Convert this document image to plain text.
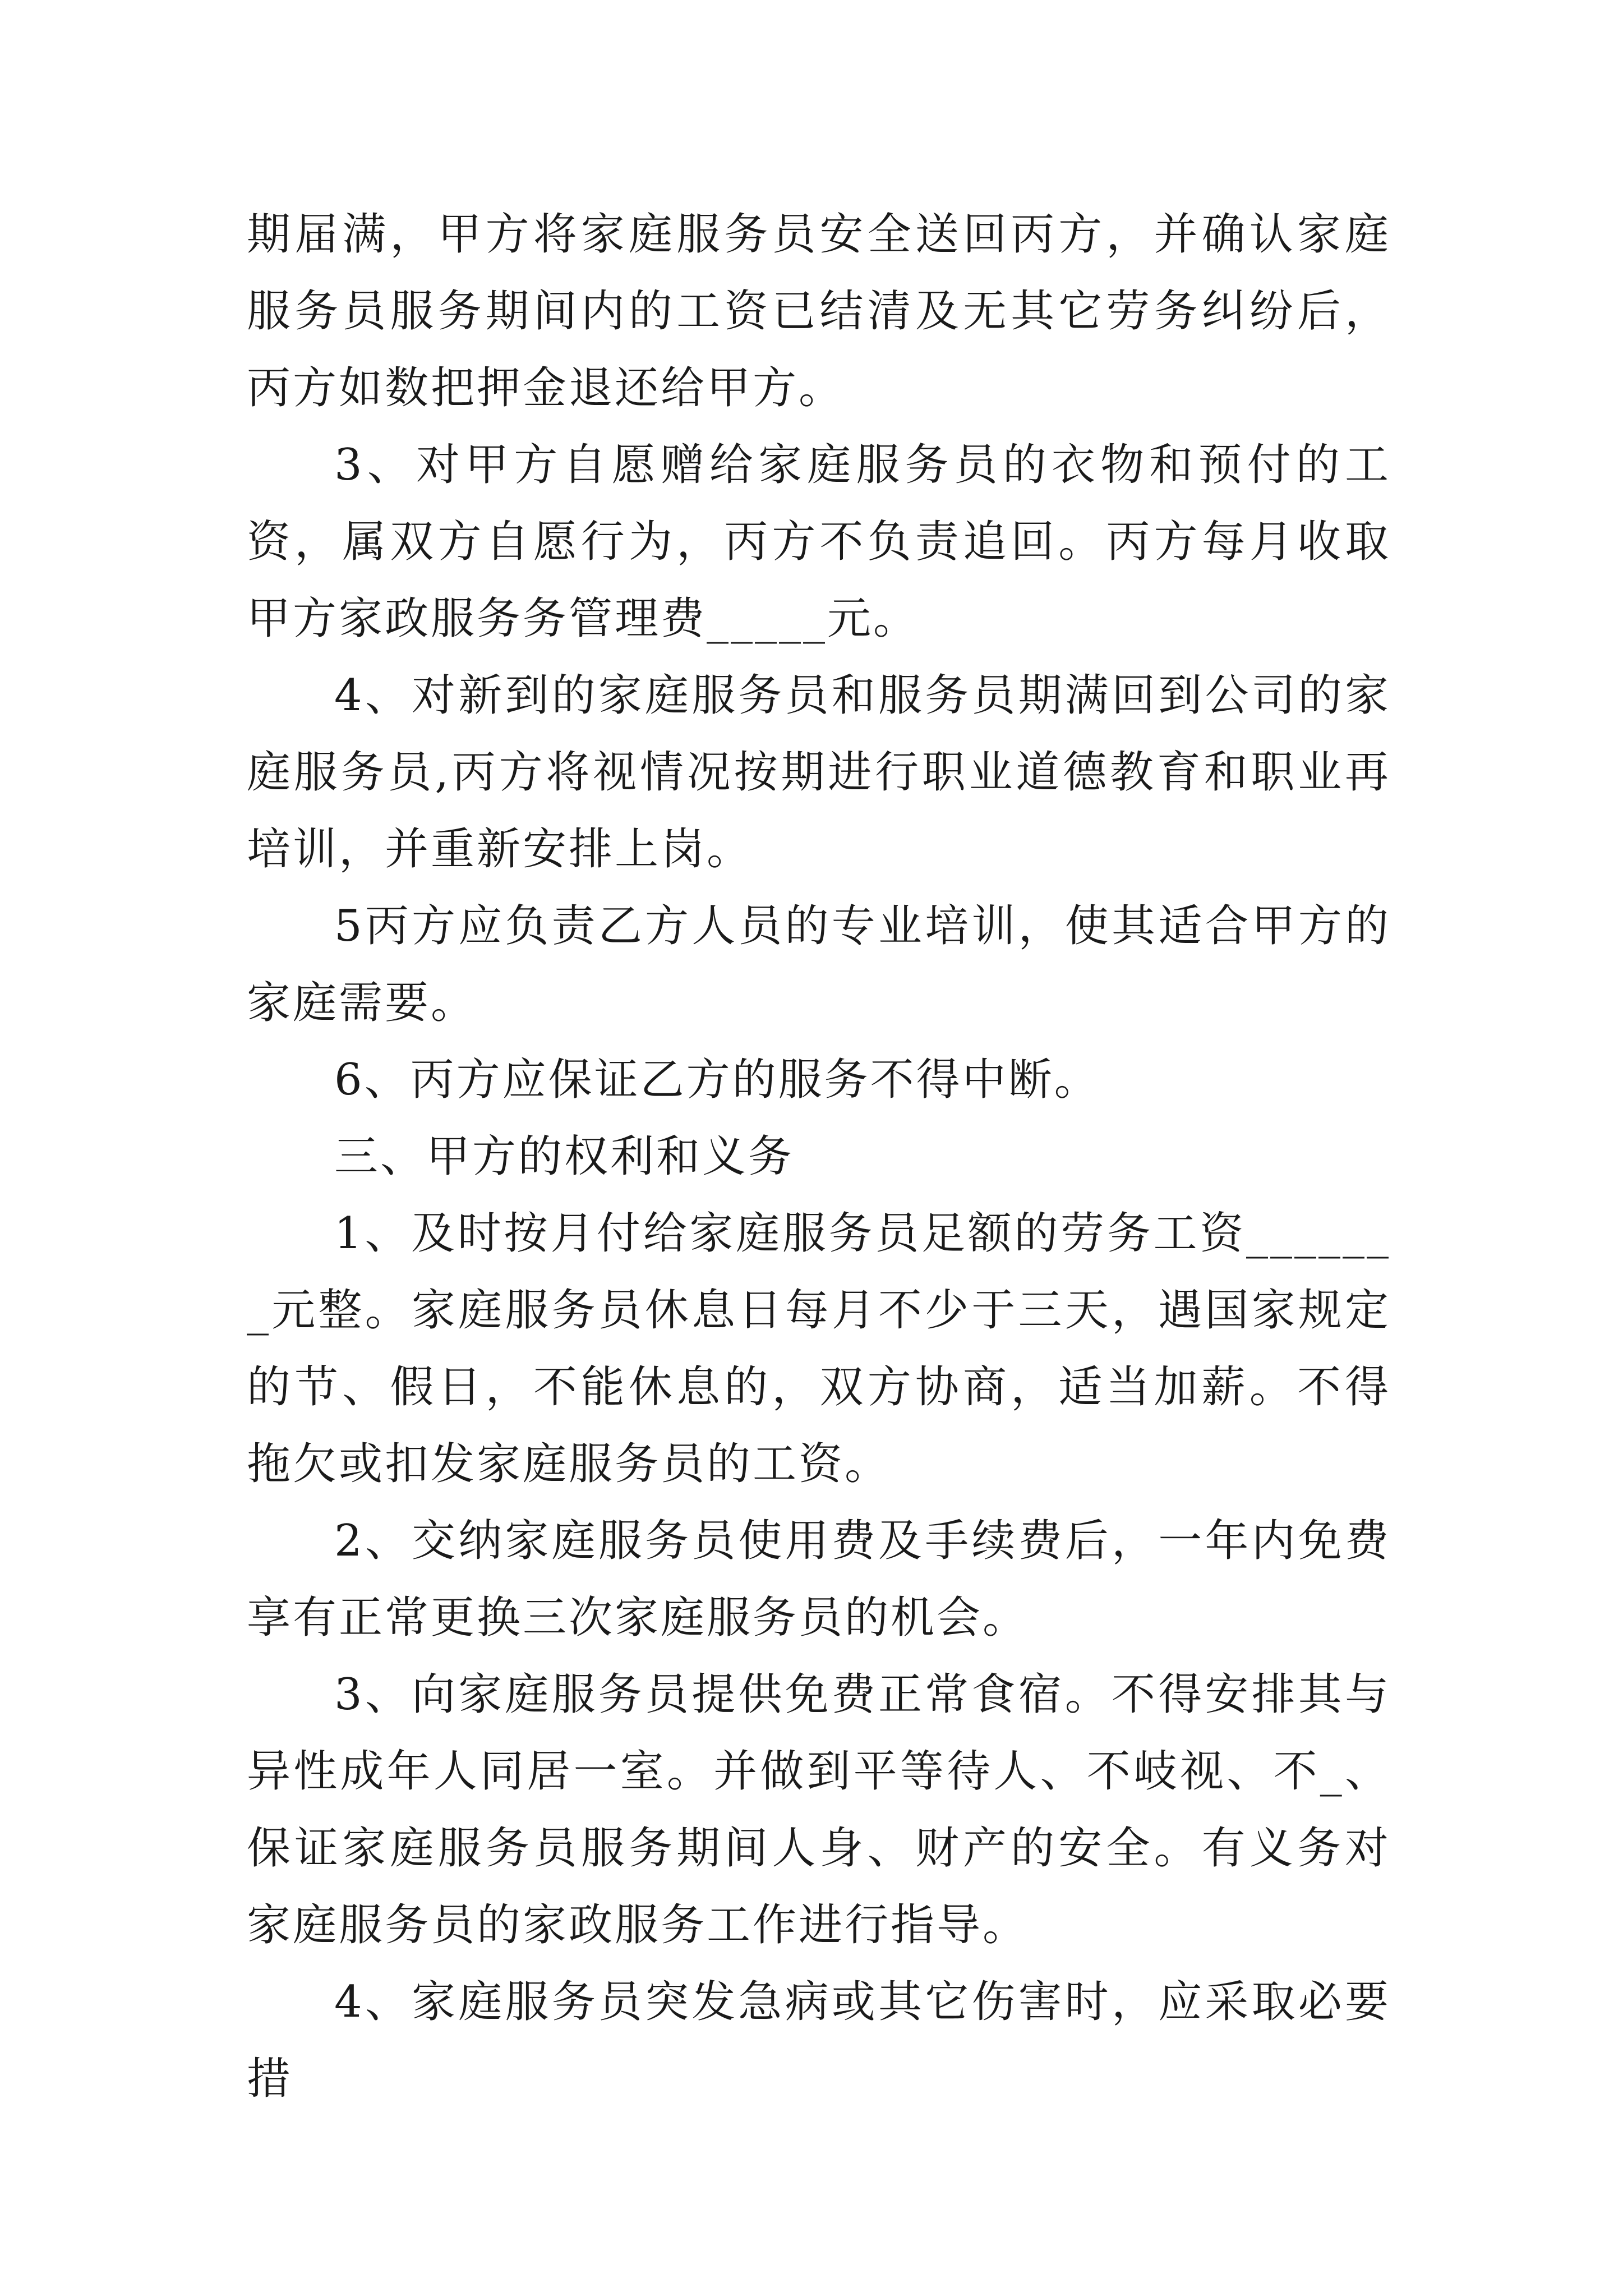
期届满，甲方将家庭服务员安全送回丙方，并确认家庭服务员服务期间内的工资已结清及无其它劳务纠纷后，丙方如数把押金退还给甲方。

3、对甲方自愿赠给家庭服务员的衣物和预付的工资，属双方自愿行为，丙方不负责追回。丙方每月收取甲方家政服务务管理费_____元。

4、对新到的家庭服务员和服务员期满回到公司的家庭服务员,丙方将视情况按期进行职业道德教育和职业再培训，并重新安排上岗。

5丙方应负责乙方人员的专业培训，使其适合甲方的家庭需要。

6、丙方应保证乙方的服务不得中断。

三、甲方的权利和义务

1、及时按月付给家庭服务员足额的劳务工资_______元整。家庭服务员休息日每月不少于三天，遇国家规定的节、假日，不能休息的，双方协商，适当加薪。不得拖欠或扣发家庭服务员的工资。

2、交纳家庭服务员使用费及手续费后，一年内免费享有正常更换三次家庭服务员的机会。

3、向家庭服务员提供免费正常食宿。不得安排其与异性成年人同居一室。并做到平等待人、不岐视、不_、保证家庭服务员服务期间人身、财产的安全。有义务对家庭服务员的家政服务工作进行指导。

4、家庭服务员突发急病或其它伤害时，应采取必要措
